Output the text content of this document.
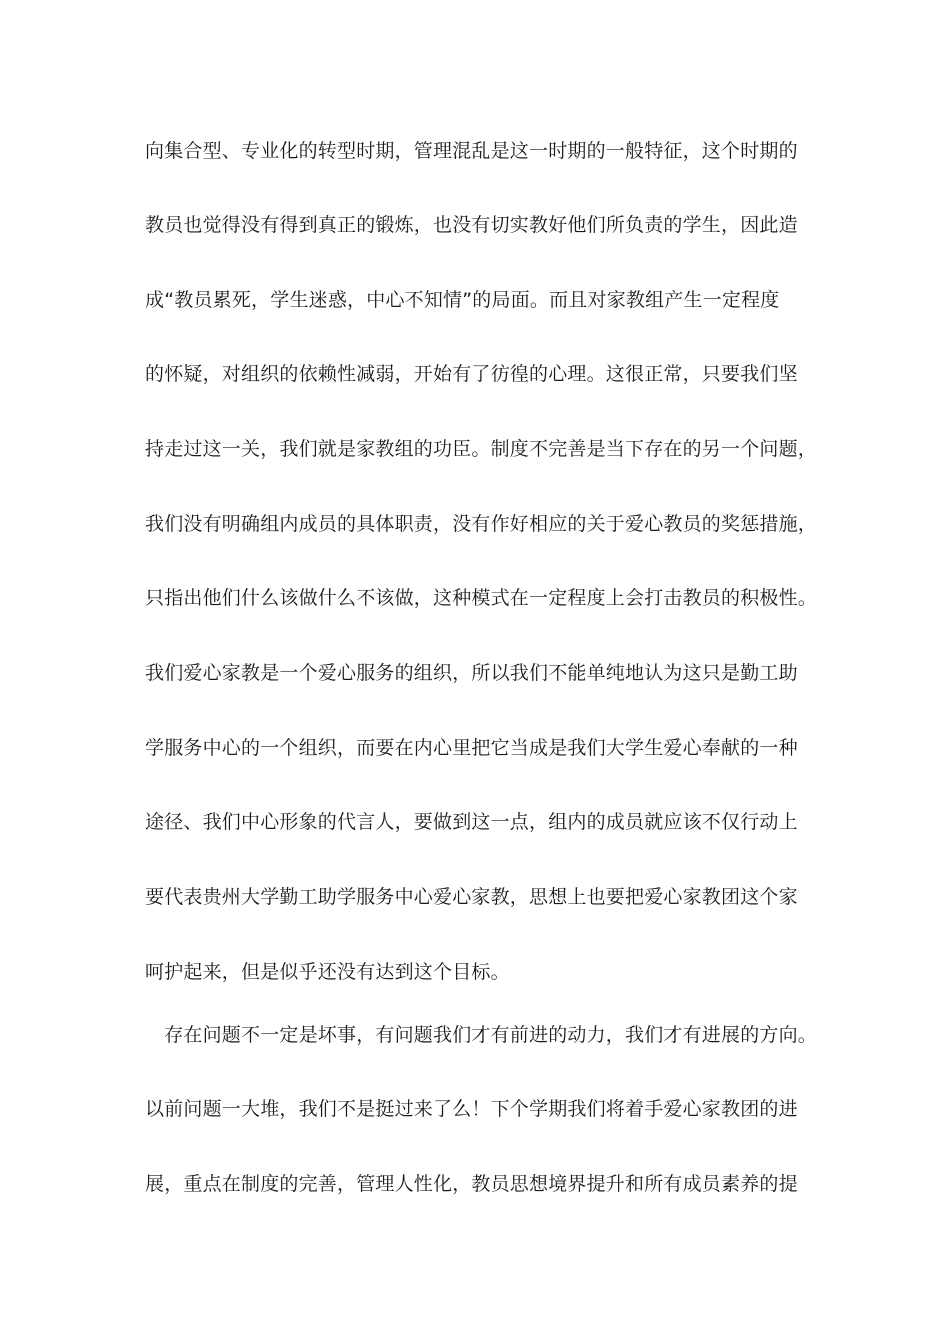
向集合型、专业化的转型时期，管理混乱是这一时期的一般特征，这个时期的
教员也觉得没有得到真正的锻炼，也没有切实教好他们所负责的学生，因此造
成“教员累死，学生迷惑，中心不知情”的局面。而且对家教组产生一定程度
的怀疑，对组织的依赖性减弱，开始有了彷徨的心理。这很正常，只要我们坚
持走过这一关，我们就是家教组的功臣。制度不完善是当下存在的另一个问题，
我们没有明确组内成员的具体职责，没有作好相应的关于爱心教员的奖惩措施，
只指出他们什么该做什么不该做，这种模式在一定程度上会打击教员的积极性。
我们爱心家教是一个爱心服务的组织，所以我们不能单纯地认为这只是勤工助
学服务中心的一个组织，而要在内心里把它当成是我们大学生爱心奉献的一种
途径、我们中心形象的代言人，要做到这一点，组内的成员就应该不仅行动上
要代表贵州大学勤工助学服务中心爱心家教，思想上也要把爱心家教团这个家
呵护起来，但是似乎还没有达到这个目标。
　存在问题不一定是坏事，有问题我们才有前进的动力，我们才有进展的方向。
以前问题一大堆，我们不是挺过来了么！下个学期我们将着手爱心家教团的进
展，重点在制度的完善，管理人性化，教员思想境界提升和所有成员素养的提
